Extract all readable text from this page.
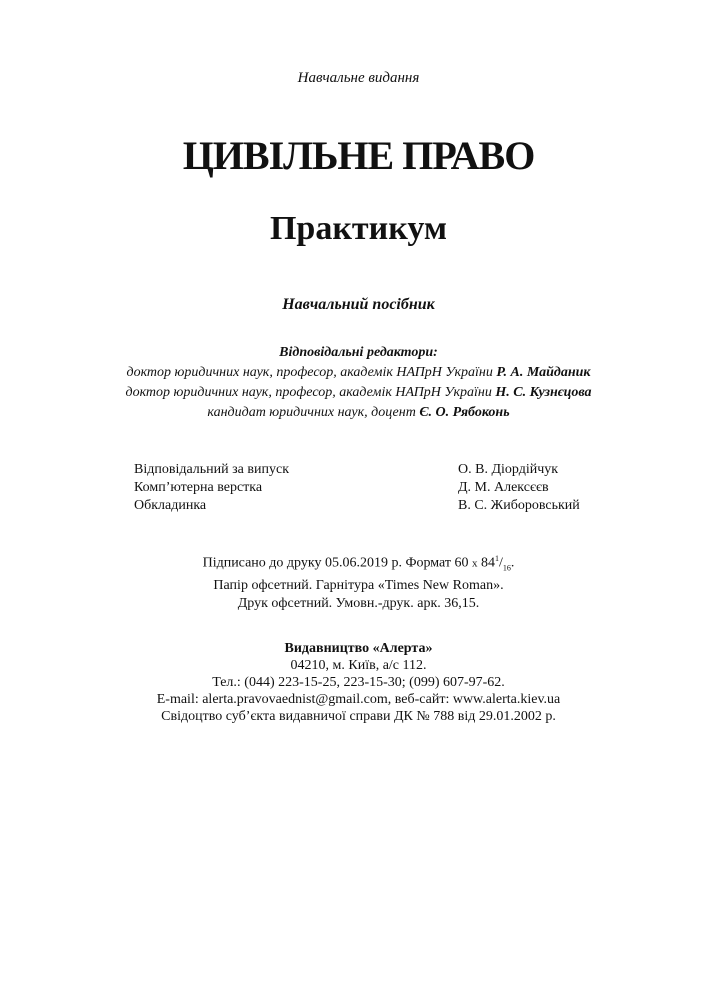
Навчальне видання
ЦИВІЛЬНЕ ПРАВО
Практикум
Навчальний посібник
Відповідальні редактори:
доктор юридичних наук, професор, академік НАПрН України Р. А. Майданик
доктор юридичних наук, професор, академік НАПрН України Н. С. Кузнєцова
кандидат юридичних наук, доцент Є. О. Рябоконь
Відповідальний за випуск	О. В. Діордійчук
Комп’ютерна верстка	Д. М. Алексєєв
Обкладинка	В. С. Жиборовський
Підписано до друку 05.06.2019 р. Формат 60 x $84^1/_{16}$.
Папір офсетний. Гарнітура «Times New Roman».
Друк офсетний. Умовн.-друк. арк. 36,15.
Видавництво «Алерта»
04210, м. Київ, а/с 112.
Тел.: (044) 223-15-25, 223-15-30; (099) 607-97-62.
E-mail: alerta.pravovaednist@gmail.com, веб-сайт: www.alerta.kiev.ua
Свідоцтво суб’єкта видавничої справи ДК № 788 від 29.01.2002 р.
